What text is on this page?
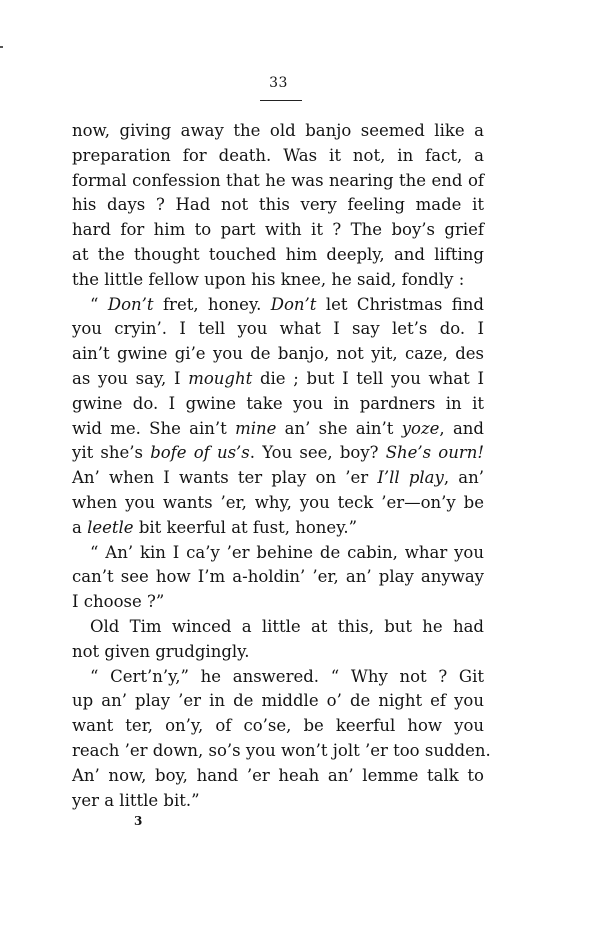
33
now, giving away the old banjo seemed like a
preparation for death. Was it not, in fact, a
formal confession that he was nearing the end of
his days ? Had not this very feeling made it
hard for him to part with it ? The boy’s grief
at the thought touched him deeply, and lifting
the little fellow upon his knee, he said, fondly :
“ Don’t fret, honey. Don’t let Christmas find
you cryin’. I tell you what I say let’s do. I
ain’t gwine gi’e you de banjo, not yit, caze, des
as you say, I mought die ; but I tell you what I
gwine do. I gwine take you in pardners in it
wid me. She ain’t mine an’ she ain’t yoze, and
yit she’s bofe of us’s. You see, boy? She’s ourn!
An’ when I wants ter play on ’er I’ll play, an’
when you wants ’er, why, you teck ’er—on’y be
a leetle bit keerful at fust, honey.”
“ An’ kin I ca’y ’er behine de cabin, whar you
can’t see how I’m a-holdin’ ’er, an’ play anyway
I choose ?”
Old Tim winced a little at this, but he had
not given grudgingly.
“ Cert’n’y,” he answered. “ Why not ? Git
up an’ play ’er in de middle o’ de night ef you
want ter, on’y, of co’se, be keerful how you
reach ’er down, so’s you won’t jolt ’er too sudden.
An’ now, boy, hand ’er heah an’ lemme talk to
yer a little bit.”
3
